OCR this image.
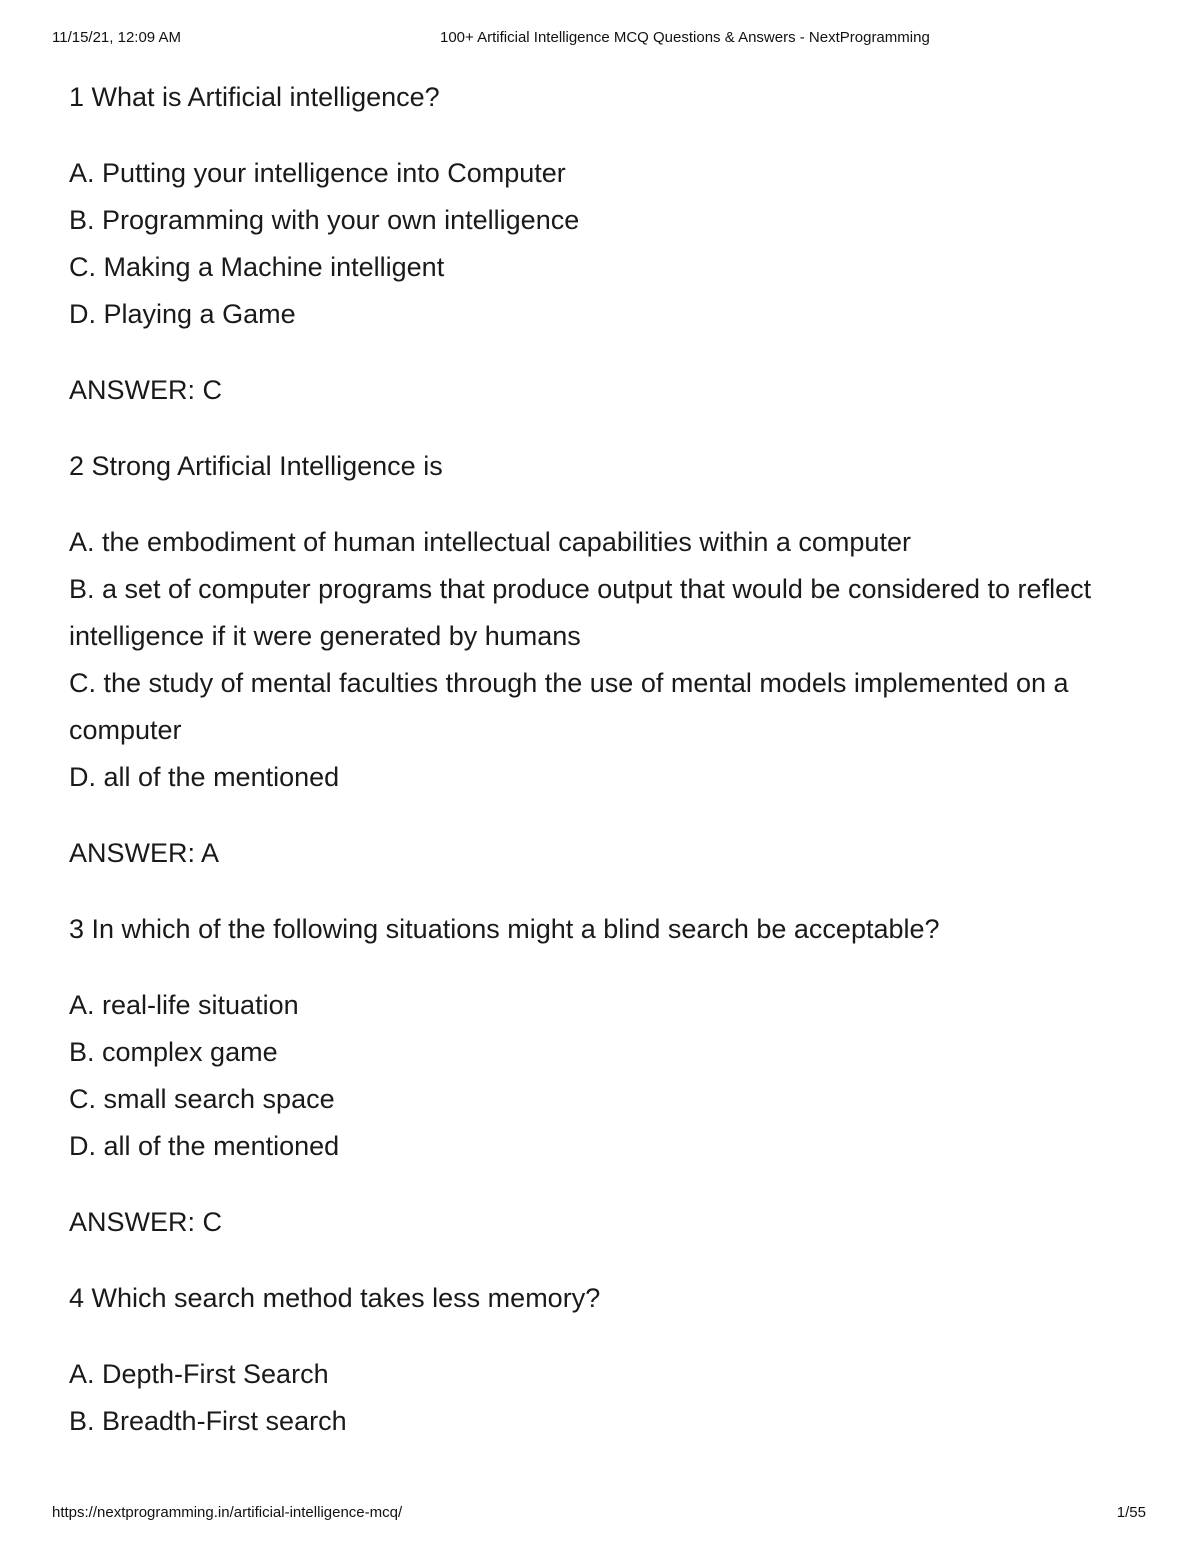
11/15/21, 12:09 AM	100+ Artificial Intelligence MCQ Questions & Answers - NextProgramming

1 What is Artificial intelligence?

A. Putting your intelligence into Computer
B. Programming with your own intelligence
C. Making a Machine intelligent
D. Playing a Game

ANSWER: C

2 Strong Artificial Intelligence is

A. the embodiment of human intellectual capabilities within a computer
B. a set of computer programs that produce output that would be considered to reflect intelligence if it were generated by humans
C. the study of mental faculties through the use of mental models implemented on a computer
D. all of the mentioned

ANSWER: A

3 In which of the following situations might a blind search be acceptable?

A. real-life situation
B. complex game
C. small search space
D. all of the mentioned

ANSWER: C

4 Which search method takes less memory?

A. Depth-First Search
B. Breadth-First search
https://nextprogramming.in/artificial-intelligence-mcq/	1/55
